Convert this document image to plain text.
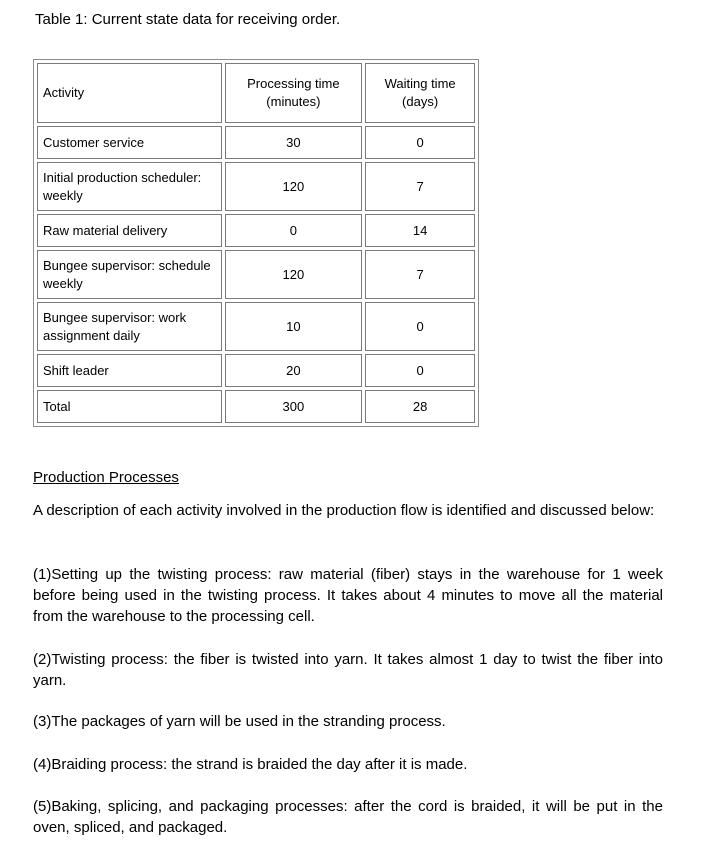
Table 1: Current state data for receiving order.
Activity	Processing time (minutes)	Waiting time (days)
Customer service	30	0
Initial production scheduler: weekly	120	7
Raw material delivery	0	14
Bungee supervisor: schedule weekly	120	7
Bungee supervisor: work assignment daily	10	0
Shift leader	20	0
Total	300	28
Production Processes

A description of each activity involved in the production flow is identified and discussed below:

(1)Setting up the twisting process: raw material (fiber) stays in the warehouse for 1 week before being used in the twisting process. It takes about 4 minutes to move all the material from the warehouse to the processing cell.

(2)Twisting process: the fiber is twisted into yarn. It takes almost 1 day to twist the fiber into yarn.

(3)The packages of yarn will be used in the stranding process.

(4)Braiding process: the strand is braided the day after it is made.

(5)Baking, splicing, and packaging processes: after the cord is braided, it will be put in the oven, spliced, and packaged.
